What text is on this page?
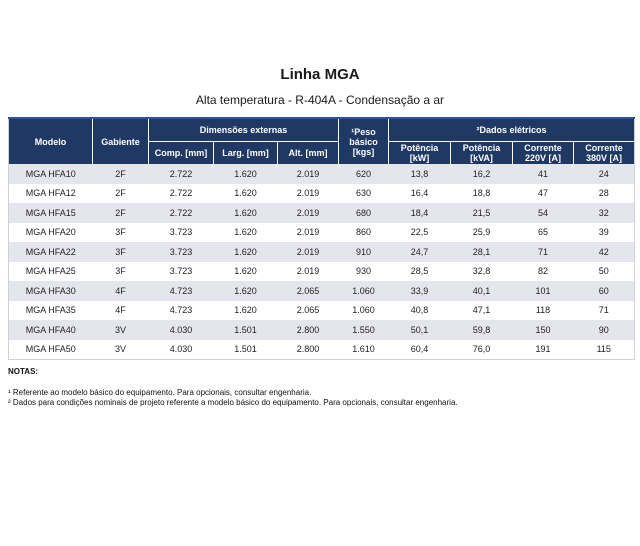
Linha MGA
Alta temperatura - R-404A - Condensação a ar
Modelo	Gabiente	Dimensões externas			¹Peso básico [kgs]	²Dados elétricos			
		Comp. [mm]	Larg. [mm]	Alt. [mm]		Potência [kW]	Potência [kVA]	Corrente 220V [A]	Corrente 380V [A]
MGA HFA10	2F	2.722	1.620	2.019	620	13,8	16,2	41	24
MGA HFA12	2F	2.722	1.620	2.019	630	16,4	18,8	47	28
MGA HFA15	2F	2.722	1.620	2.019	680	18,4	21,5	54	32
MGA HFA20	3F	3.723	1.620	2.019	860	22,5	25,9	65	39
MGA HFA22	3F	3.723	1.620	2.019	910	24,7	28,1	71	42
MGA HFA25	3F	3.723	1.620	2.019	930	28,5	32,8	82	50
MGA HFA30	4F	4.723	1.620	2.065	1.060	33,9	40,1	101	60
MGA HFA35	4F	4.723	1.620	2.065	1.060	40,8	47,1	118	71
MGA HFA40	3V	4.030	1.501	2.800	1.550	50,1	59,8	150	90
MGA HFA50	3V	4.030	1.501	2.800	1.610	60,4	76,0	191	115
NOTAS:
¹ Referente ao modelo básico do equipamento. Para opcionais, consultar engenharia.
² Dados para condições nominais de projeto referente a modelo básico do equipamento. Para opcionais, consultar engenharia.
